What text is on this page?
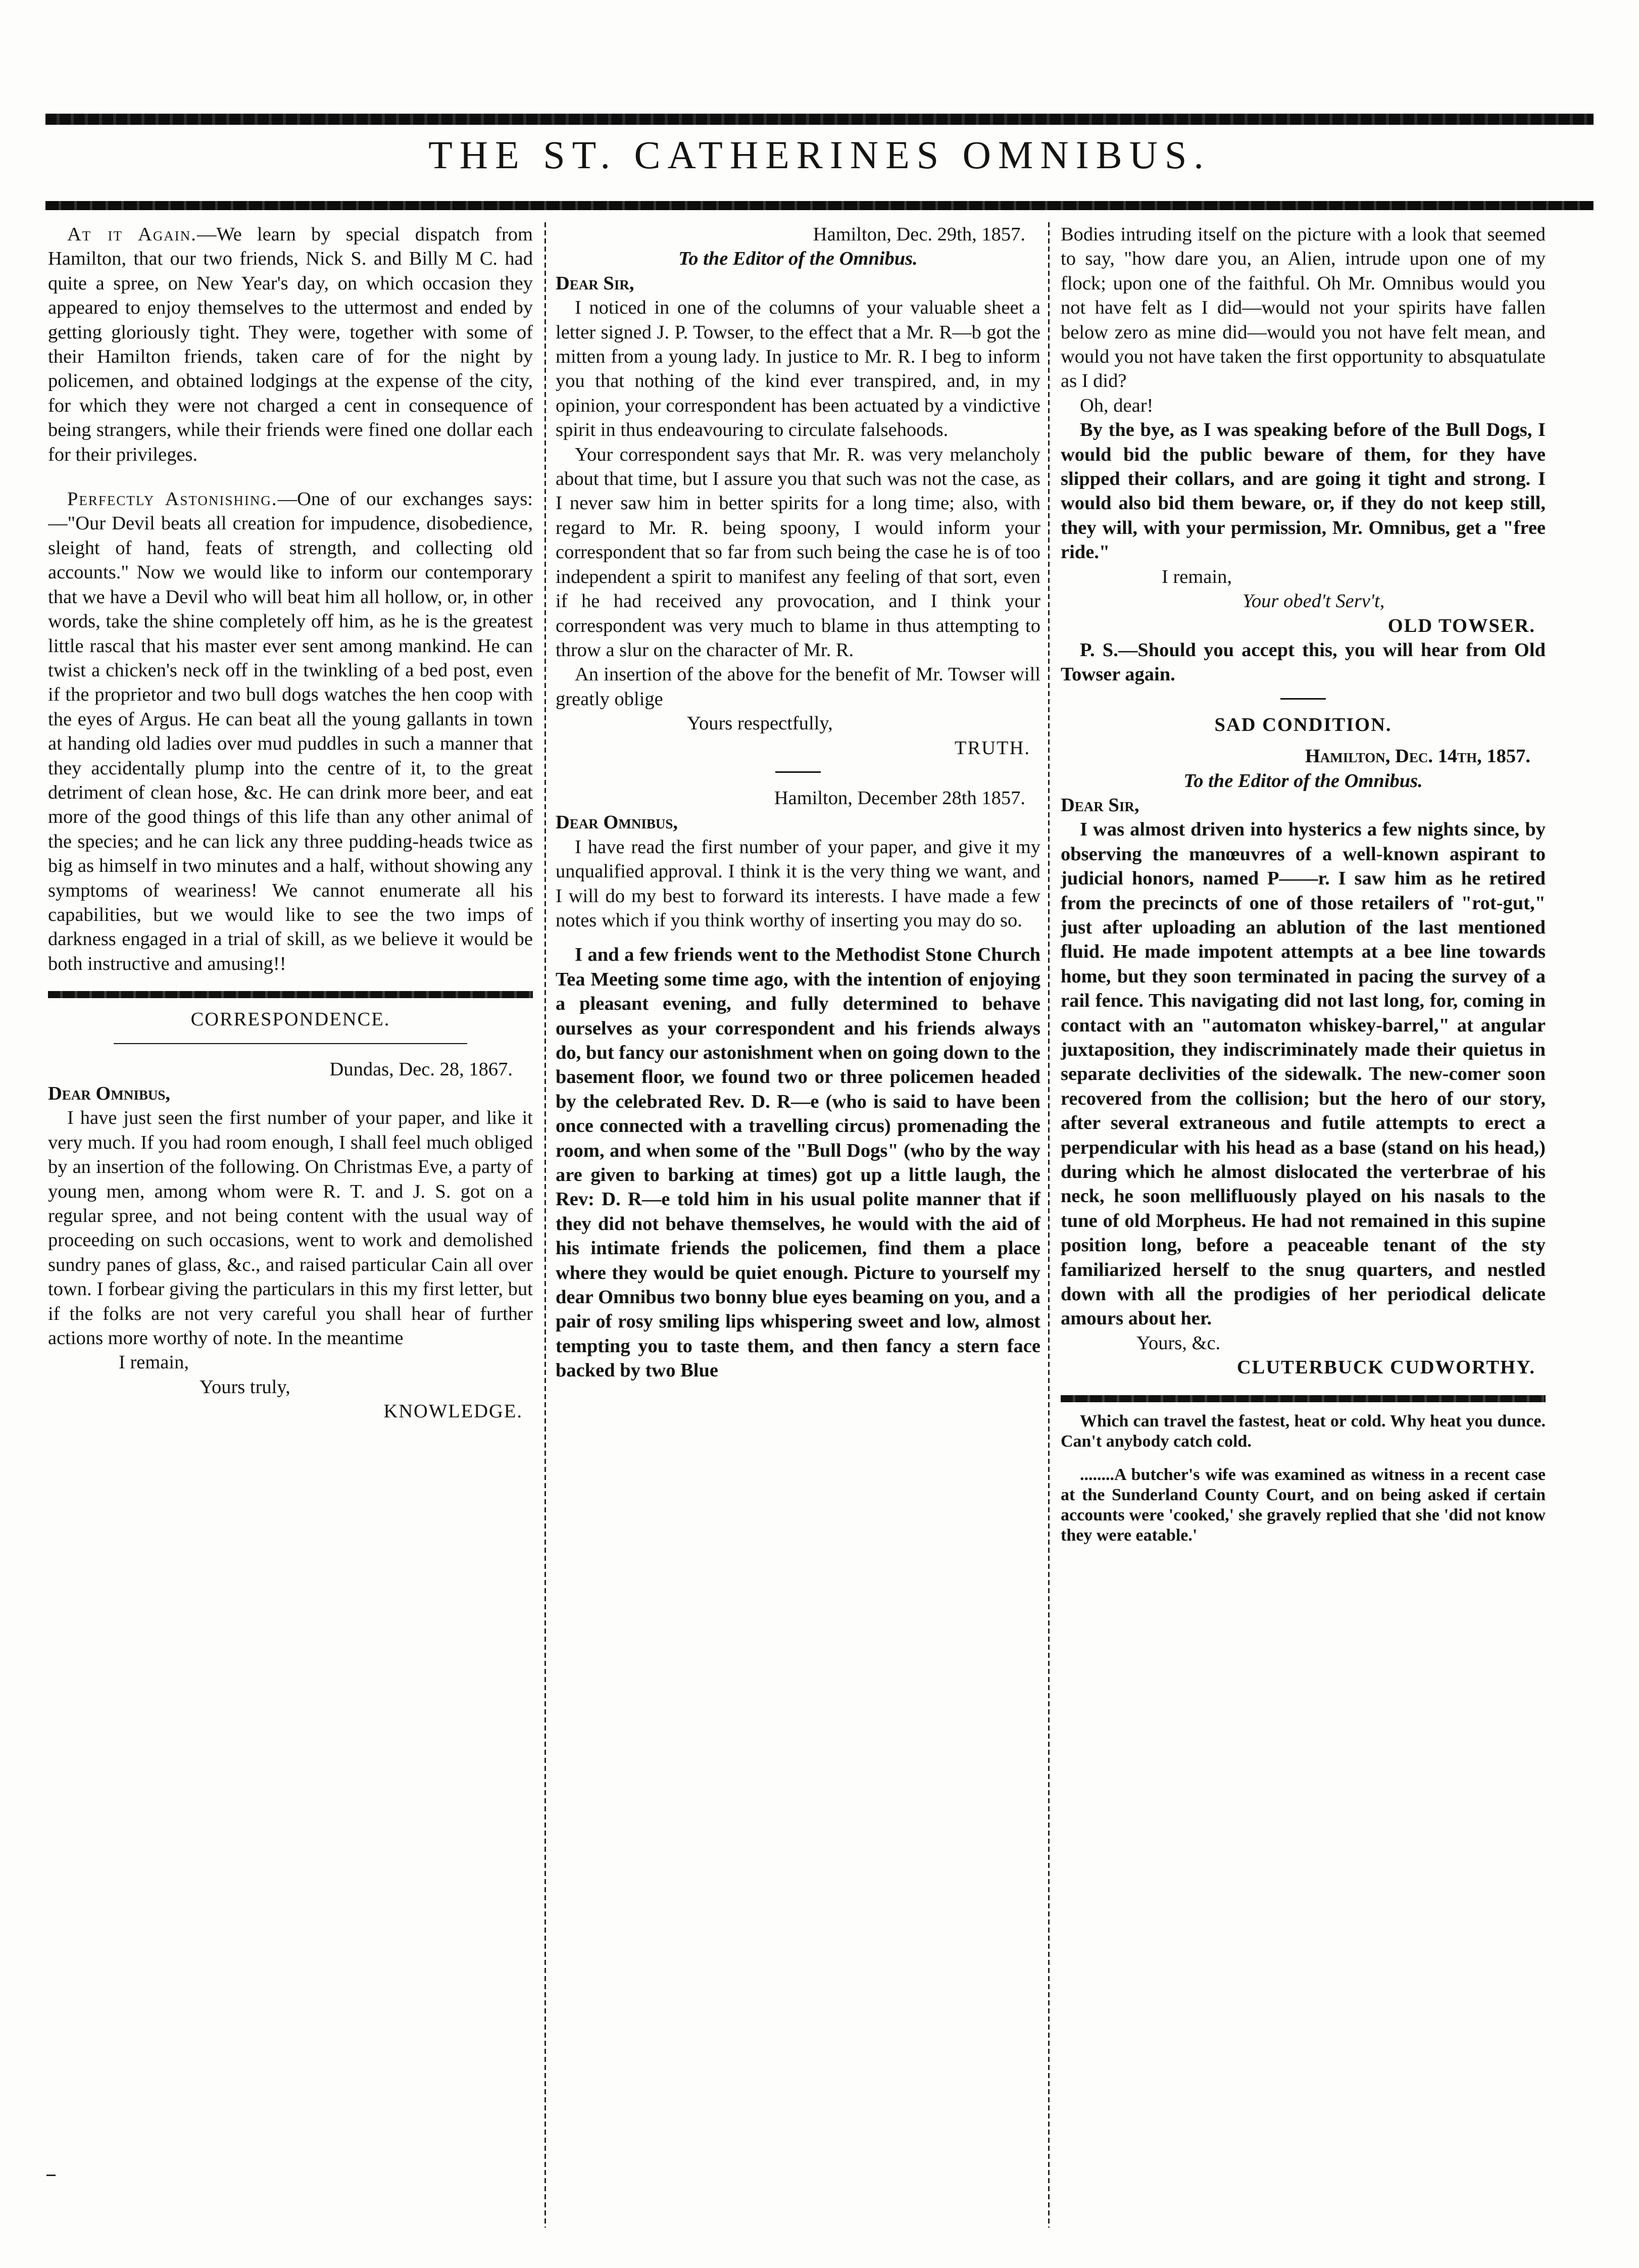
THE ST. CATHERINES OMNIBUS.

At it Again.—We learn by special dispatch from Hamilton, that our two friends, Nick S. and Billy M C. had quite a spree, on New Year's day, on which occasion they appeared to enjoy themselves to the uttermost and ended by getting gloriously tight. They were, together with some of their Hamilton friends, taken care of for the night by policemen, and obtained lodgings at the expense of the city, for which they were not charged a cent in consequence of being strangers, while their friends were fined one dollar each for their privileges.

Perfectly Astonishing.—One of our exchanges says:—"Our Devil beats all creation for impudence, disobedience, sleight of hand, feats of strength, and collecting old accounts." Now we would like to inform our contemporary that we have a Devil who will beat him all hollow, or, in other words, take the shine completely off him, as he is the greatest little rascal that his master ever sent among mankind. He can twist a chicken's neck off in the twinkling of a bed post, even if the proprietor and two bull dogs watches the hen coop with the eyes of Argus. He can beat all the young gallants in town at handing old ladies over mud puddles in such a manner that they accidentally plump into the centre of it, to the great detriment of clean hose, &c. He can drink more beer, and eat more of the good things of this life than any other animal of the species; and he can lick any three pudding-heads twice as big as himself in two minutes and a half, without showing any symptoms of weariness! We cannot enumerate all his capabilities, but we would like to see the two imps of darkness engaged in a trial of skill, as we believe it would be both instructive and amusing!!

CORRESPONDENCE.

Dundas, Dec. 28, 1867.

Dear Omnibus,

I have just seen the first number of your paper, and like it very much. If you had room enough, I shall feel much obliged by an insertion of the following. On Christmas Eve, a party of young men, among whom were R. T. and J. S. got on a regular spree, and not being content with the usual way of proceeding on such occasions, went to work and demolished sundry panes of glass, &c., and raised particular Cain all over town. I forbear giving the particulars in this my first letter, but if the folks are not very careful you shall hear of further actions more worthy of note. In the meantime

I remain,

Yours truly,

KNOWLEDGE.

Hamilton, Dec. 29th, 1857.

To the Editor of the Omnibus.

Dear Sir,

I noticed in one of the columns of your valuable sheet a letter signed J. P. Towser, to the effect that a Mr. R—b got the mitten from a young lady. In justice to Mr. R. I beg to inform you that nothing of the kind ever transpired, and, in my opinion, your correspondent has been actuated by a vindictive spirit in thus endeavouring to circulate falsehoods.

Your correspondent says that Mr. R. was very melancholy about that time, but I assure you that such was not the case, as I never saw him in better spirits for a long time; also, with regard to Mr. R. being spoony, I would inform your correspondent that so far from such being the case he is of too independent a spirit to manifest any feeling of that sort, even if he had received any provocation, and I think your correspondent was very much to blame in thus attempting to throw a slur on the character of Mr. R.

An insertion of the above for the benefit of Mr. Towser will greatly oblige

Yours respectfully,

TRUTH.

Hamilton, December 28th 1857.

Dear Omnibus,

I have read the first number of your paper, and give it my unqualified approval. I think it is the very thing we want, and I will do my best to forward its interests. I have made a few notes which if you think worthy of inserting you may do so.

I and a few friends went to the Methodist Stone Church Tea Meeting some time ago, with the intention of enjoying a pleasant evening, and fully determined to behave ourselves as your correspondent and his friends always do, but fancy our astonishment when on going down to the basement floor, we found two or three policemen headed by the celebrated Rev. D. R—e (who is said to have been once connected with a travelling circus) promenading the room, and when some of the "Bull Dogs" (who by the way are given to barking at times) got up a little laugh, the Rev: D. R—e told him in his usual polite manner that if they did not behave themselves, he would with the aid of his intimate friends the policemen, find them a place where they would be quiet enough. Picture to yourself my dear Omnibus two bonny blue eyes beaming on you, and a pair of rosy smiling lips whispering sweet and low, almost tempting you to taste them, and then fancy a stern face backed by two Blue

Bodies intruding itself on the picture with a look that seemed to say, "how dare you, an Alien, intrude upon one of my flock; upon one of the faithful. Oh Mr. Omnibus would you not have felt as I did—would not your spirits have fallen below zero as mine did—would you not have felt mean, and would you not have taken the first opportunity to absquatulate as I did?

Oh, dear!

By the bye, as I was speaking before of the Bull Dogs, I would bid the public beware of them, for they have slipped their collars, and are going it tight and strong. I would also bid them beware, or, if they do not keep still, they will, with your permission, Mr. Omnibus, get a "free ride."

I remain,

Your obed't Serv't,

OLD TOWSER.

P. S.—Should you accept this, you will hear from Old Towser again.

SAD CONDITION.

Hamilton, Dec. 14th, 1857.

To the Editor of the Omnibus.

Dear Sir,

I was almost driven into hysterics a few nights since, by observing the manœuvres of a well-known aspirant to judicial honors, named P——r. I saw him as he retired from the precincts of one of those retailers of "rot-gut," just after uploading an ablution of the last mentioned fluid. He made impotent attempts at a bee line towards home, but they soon terminated in pacing the survey of a rail fence. This navigating did not last long, for, coming in contact with an "automaton whiskey-barrel," at angular juxtaposition, they indiscriminately made their quietus in separate declivities of the sidewalk. The new-comer soon recovered from the collision; but the hero of our story, after several extraneous and futile attempts to erect a perpendicular with his head as a base (stand on his head,) during which he almost dislocated the verterbrae of his neck, he soon mellifluously played on his nasals to the tune of old Morpheus. He had not remained in this supine position long, before a peaceable tenant of the sty familiarized herself to the snug quarters, and nestled down with all the prodigies of her periodical delicate amours about her.

Yours, &c.

CLUTERBUCK CUDWORTHY.

Which can travel the fastest, heat or cold. Why heat you dunce. Can't anybody catch cold.

........A butcher's wife was examined as witness in a recent case at the Sunderland County Court, and on being asked if certain accounts were 'cooked,' she gravely replied that she 'did not know they were eatable.'
